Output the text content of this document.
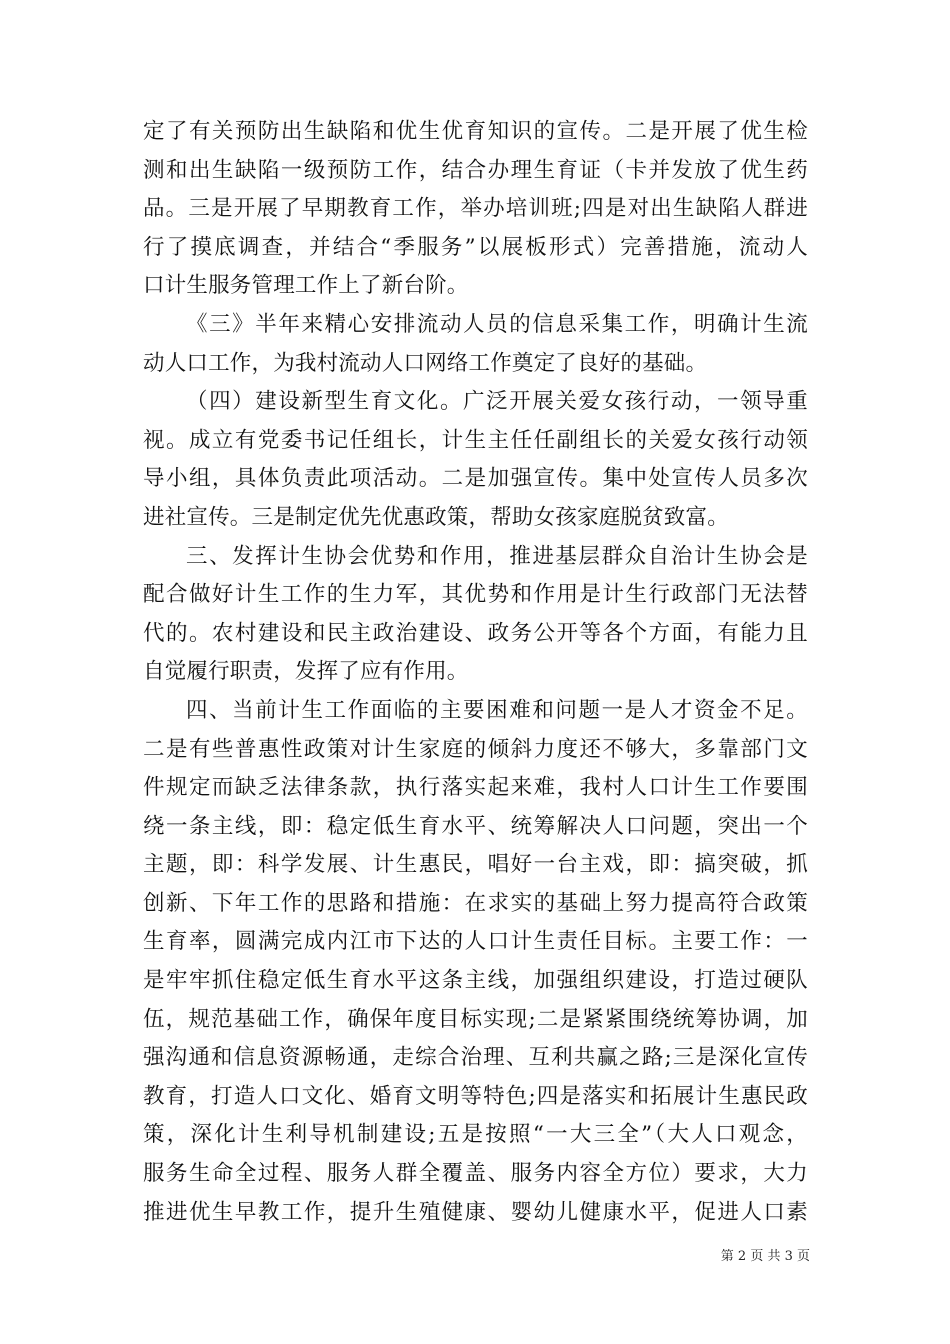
定了有关预防出生缺陷和优生优育知识的宣传。二是开展了优生检
测和出生缺陷一级预防工作，结合办理生育证（卡并发放了优生药
品。三是开展了早期教育工作，举办培训班;四是对出生缺陷人群进
行了摸底调查，并结合“季服务”以展板形式）完善措施，流动人
口计生服务管理工作上了新台阶。
《三》半年来精心安排流动人员的信息采集工作，明确计生流
动人口工作，为我村流动人口网络工作奠定了良好的基础。
（四）建设新型生育文化。广泛开展关爱女孩行动，一领导重
视。成立有党委书记任组长，计生主任任副组长的关爱女孩行动领
导小组，具体负责此项活动。二是加强宣传。集中处宣传人员多次
进社宣传。三是制定优先优惠政策，帮助女孩家庭脱贫致富。
三、发挥计生协会优势和作用，推进基层群众自治计生协会是
配合做好计生工作的生力军，其优势和作用是计生行政部门无法替
代的。农村建设和民主政治建设、政务公开等各个方面，有能力且
自觉履行职责，发挥了应有作用。
四、当前计生工作面临的主要困难和问题一是人才资金不足。
二是有些普惠性政策对计生家庭的倾斜力度还不够大，多靠部门文
件规定而缺乏法律条款，执行落实起来难，我村人口计生工作要围
绕一条主线，即：稳定低生育水平、统筹解决人口问题，突出一个
主题，即：科学发展、计生惠民，唱好一台主戏，即：搞突破，抓
创新、下年工作的思路和措施：在求实的基础上努力提高符合政策
生育率，圆满完成内江市下达的人口计生责任目标。主要工作：一
是牢牢抓住稳定低生育水平这条主线，加强组织建设，打造过硬队
伍，规范基础工作，确保年度目标实现;二是紧紧围绕统筹协调，加
强沟通和信息资源畅通，走综合治理、互利共赢之路;三是深化宣传
教育，打造人口文化、婚育文明等特色;四是落实和拓展计生惠民政
策，深化计生利导机制建设;五是按照“一大三全”（大人口观念，
服务生命全过程、服务人群全覆盖、服务内容全方位）要求，大力
推进优生早教工作，提升生殖健康、婴幼儿健康水平，促进人口素
第 2 页 共 3 页
